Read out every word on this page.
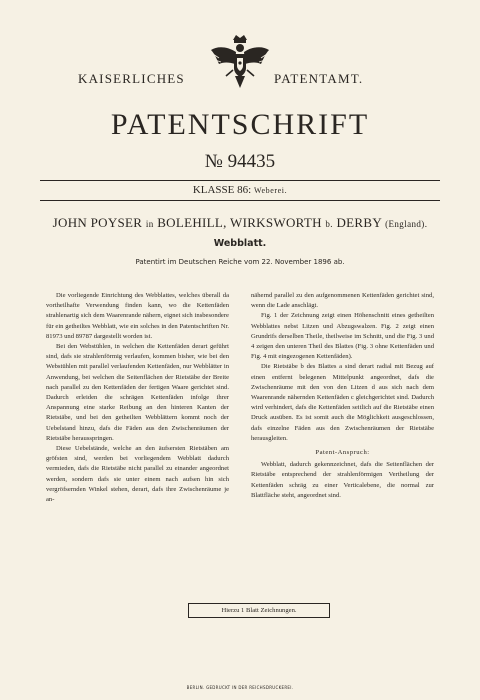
KAISERLICHES	PATENTAMT.
PATENTSCHRIFT
№ 94435
KLASSE 86: Weberei.
JOHN POYSER in BOLEHILL, WIRKSWORTH b. DERBY (England).
Webblatt.
Patentirt im Deutschen Reiche vom 22. November 1896 ab.

Die vorliegende Einrichtung des Webblattes, welches überall da vortheilhafte Verwendung finden kann, wo die Kettenfäden strahlenartig sich dem Waarenrande nähern, eignet sich insbesondere für ein getheiltes Webblatt, wie ein solches in den Patentschriften Nr. 81973 und 89787 dargestellt worden ist.

Bei den Webstühlen, in welchen die Kettenfäden derart geführt sind, dafs sie strahlenförmig verlaufen, kommen bisher, wie bei den Webstühlen mit parallel verlaufenden Kettenfäden, nur Webblätter in Anwendung, bei welchen die Seitenflächen der Rietstäbe der Breite nach parallel zu den Kettenfäden der fertigen Waare gerichtet sind. Dadurch erleiden die schrägen Kettenfäden infolge ihrer Anspannung eine starke Reibung an den hinteren Kanten der Rietstäbe, und bei den getheilten Webblättern kommt noch der Uebelstand hinzu, dafs die Fäden aus den Zwischenräumen der Rietstäbe herausspringen.

Diese Uebelstände, welche an den äufsersten Rietstäben am gröfsten sind, werden bei vorliegendem Webblatt dadurch vermieden, dafs die Rietstäbe nicht parallel zu einander angeordnet werden, sondern dafs sie unter einem nach aufsen hin sich vergröfsernden Winkel stehen, derart, dafs ihre Zwischenräume je an-

nähernd parallel zu den aufgenommenen Kettenfäden gerichtet sind, wenn die Lade anschlägt.

Fig. 1 der Zeichnung zeigt einen Höhenschnitt eines getheilten Webblattes nebst Litzen und Abzugswalzen. Fig. 2 zeigt einen Grundrifs derselben Theile, theilweise im Schnitt, und die Fig. 3 und 4 zeigen den unteren Theil des Blattes (Fig. 3 ohne Kettenfäden und Fig. 4 mit eingezogenen Kettenfäden).

Die Rietstäbe b des Blattes a sind derart radial mit Bezug auf einen entfernt belegenen Mittelpunkt angeordnet, dafs die Zwischenräume mit den von den Litzen d aus sich nach dem Waarenrande nähernden Kettenfäden c gleichgerichtet sind. Dadurch wird verhindert, dafs die Kettenfäden seitlich auf die Rietstäbe einen Druck ausüben. Es ist somit auch die Möglichkeit ausgeschlossen, dafs einzelne Fäden aus den Zwischenräumen der Rietstäbe herausgleiten.

Patent-Anspruch:

Webblatt, dadurch gekennzeichnet, dafs die Seitenflächen der Rietstäbe entsprechend der strahlenförmigen Vertheilung der Kettenfäden schräg zu einer Verticalebene, die normal zur Blattfläche steht, angeordnet sind.

Hierzu 1 Blatt Zeichnungen.
BERLIN. GEDRUCKT IN DER REICHSDRUCKEREI.
